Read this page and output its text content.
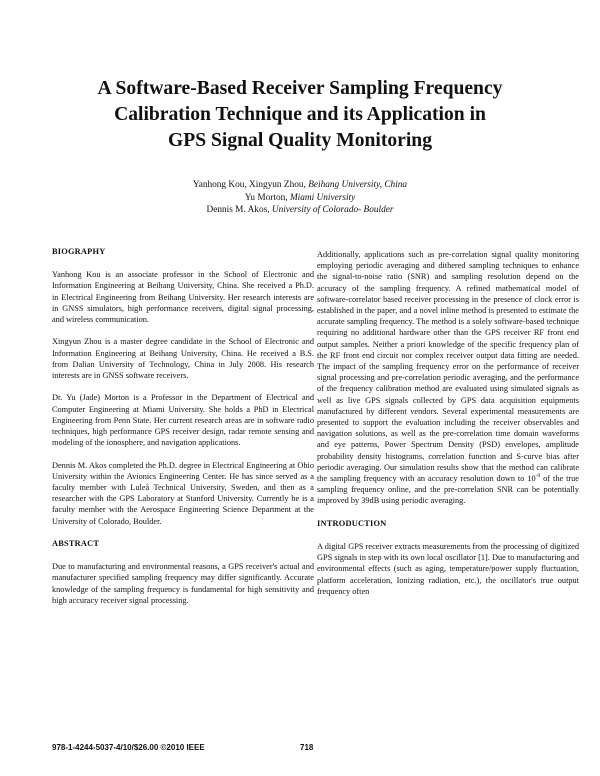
A Software-Based Receiver Sampling Frequency
Calibration Technique and its Application in
GPS Signal Quality Monitoring
Yanhong Kou, Xingyun Zhou, Beihang University, China
Yu Morton, Miami University
Dennis M. Akos, University of Colorado- Boulder
BIOGRAPHY

Yanhong Kou is an associate professor in the School of Electronic and Information Engineering at Beihang University, China. She received a Ph.D. in Electrical Engineering from Beihang University. Her research interests are in GNSS simulators, high performance receivers, digital signal processing, and wireless communication.

Xingyun Zhou is a master degree candidate in the School of Electronic and Information Engineering at Beihang University, China. He received a B.S. from Dalian University of Technology, China in July 2008. His research interests are in GNSS software receivers.

Dr. Yu (Jade) Morton is a Professor in the Department of Electrical and Computer Engineering at Miami University. She holds a PhD in Electrical Engineering from Penn State. Her current research areas are in software radio techniques, high performance GPS receiver design, radar remote sensing and modeling of the ionosphere, and navigation applications.

Dennis M. Akos completed the Ph.D. degree in Electrical Engineering at Ohio University within the Avionics Engineering Center. He has since served as a faculty member with Luleå Technical University, Sweden, and then as a researcher with the GPS Laboratory at Stanford University. Currently he is a faculty member with the Aerospace Engineering Science Department at the University of Colorado, Boulder.

ABSTRACT

Due to manufacturing and environmental reasons, a GPS receiver's actual and manufacturer specified sampling frequency may differ significantly. Accurate knowledge of the sampling frequency is fundamental for high sensitivity and high accuracy receiver signal processing.

Additionally, applications such as pre-correlation signal quality monitoring employing periodic averaging and dithered sampling techniques to enhance the signal-to-noise ratio (SNR) and sampling resolution depend on the accuracy of the sampling frequency. A refined mathematical model of software-correlator based receiver processing in the presence of clock error is established in the paper, and a novel inline method is presented to estimate the accurate sampling frequency. The method is a solely software-based technique requiring no additional hardware other than the GPS receiver RF front end output samples. Neither a priori knowledge of the specific frequency plan of the RF front end circuit nor complex receiver output data fitting are needed. The impact of the sampling frequency error on the performance of receiver signal processing and pre-correlation periodic averaging, and the performance of the frequency calibration method are evaluated using simulated signals as well as live GPS signals collected by GPS data acquisition equipments manufactured by different vendors. Several experimental measurements are presented to support the evaluation including the receiver observables and navigation solutions, as well as the pre-correlation time domain waveforms and eye patterns, Power Spectrum Density (PSD) envelopes, amplitude probability density histograms, correlation function and S-curve bias after periodic averaging. Our simulation results show that the method can calibrate the sampling frequency with an accuracy resolution down to $10^{-9}$ of the true sampling frequency online, and the pre-correlation SNR can be potentially improved by 39dB using periodic averaging.

INTRODUCTION

A digital GPS receiver extracts measurements from the processing of digitized GPS signals in step with its own local oscillator [1]. Due to manufacturing and environmental effects (such as aging, temperature/power supply fluctuation, platform acceleration, Ionizing radiation, etc.), the oscillator's true output frequency often

978-1-4244-5037-4/10/$26.00 ©2010 IEEE	718
